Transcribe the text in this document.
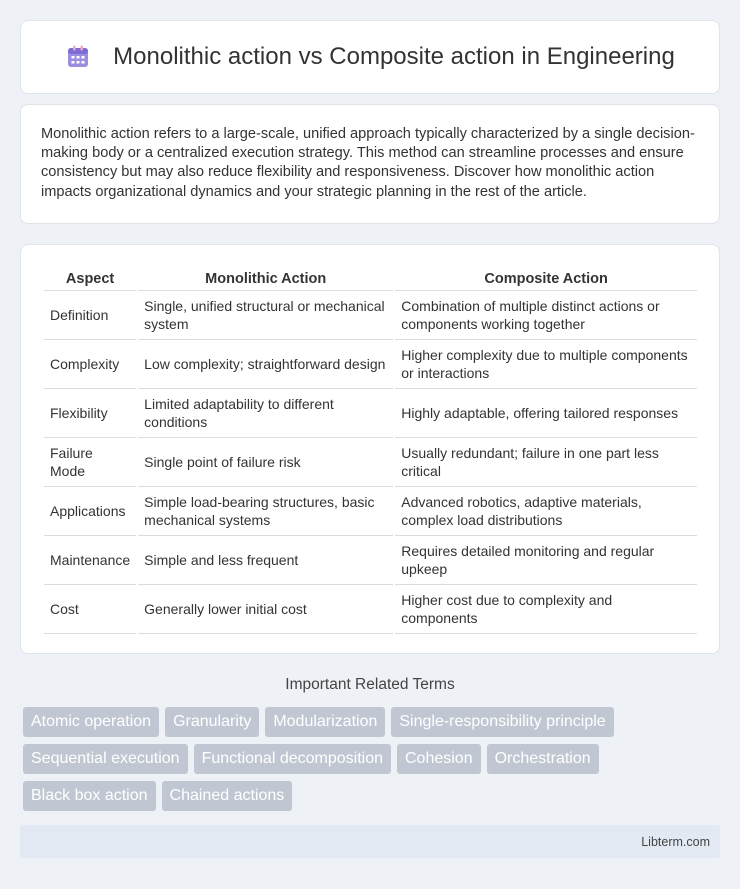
Monolithic action vs Composite action in Engineering

Monolithic action refers to a large-scale, unified approach typically characterized by a single decision-making body or a centralized execution strategy. This method can streamline processes and ensure consistency but may also reduce flexibility and responsiveness. Discover how monolithic action impacts organizational dynamics and your strategic planning in the rest of the article.

Aspect	Monolithic Action	Composite Action
Definition	Single, unified structural or mechanical system	Combination of multiple distinct actions or components working together
Complexity	Low complexity; straightforward design	Higher complexity due to multiple components or interactions
Flexibility	Limited adaptability to different conditions	Highly adaptable, offering tailored responses
Failure Mode	Single point of failure risk	Usually redundant; failure in one part less critical
Applications	Simple load-bearing structures, basic mechanical systems	Advanced robotics, adaptive materials, complex load distributions
Maintenance	Simple and less frequent	Requires detailed monitoring and regular upkeep
Cost	Generally lower initial cost	Higher cost due to complexity and components
Important Related Terms
Atomic operation	Granularity	Modularization	Single-responsibility principle
Sequential execution	Functional decomposition	Cohesion	Orchestration
Black box action	Chained actions
Libterm.com
